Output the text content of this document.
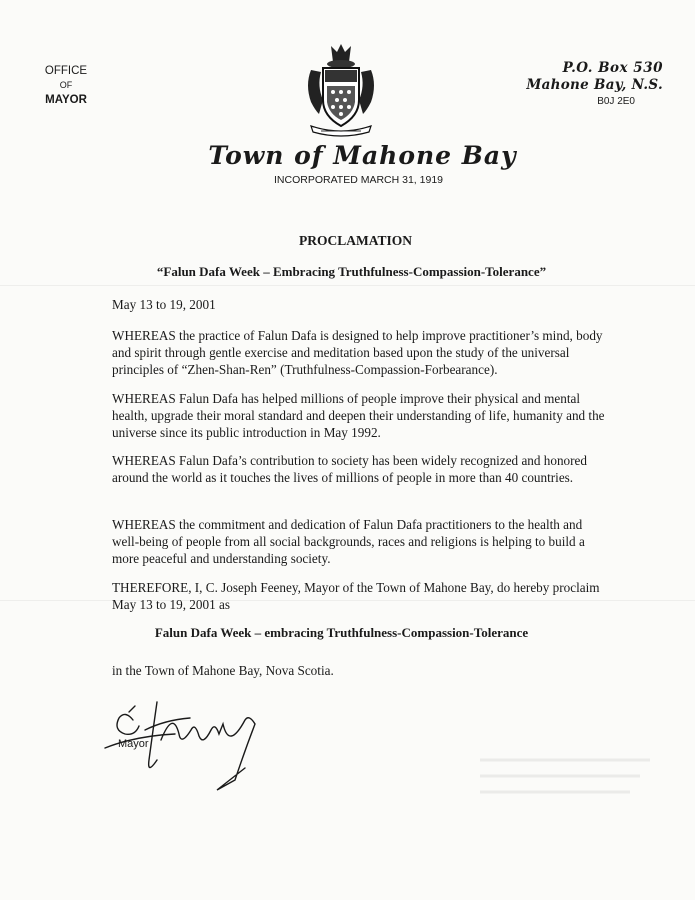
OFFICE
OF
MAYOR
P.O. Box 530
Mahone Bay, N.S.
B0J 2E0
Town of Mahone Bay
INCORPORATED MARCH 31, 1919
PROCLAMATION
“Falun Dafa Week – Embracing Truthfulness-Compassion-Tolerance”
May 13 to 19, 2001
WHEREAS the practice of Falun Dafa is designed to help improve practitioner’s mind, body and spirit through gentle exercise and meditation based upon the study of the universal principles of “Zhen-Shan-Ren” (Truthfulness-Compassion-Forbearance).
WHEREAS Falun Dafa has helped millions of people improve their physical and mental health, upgrade their moral standard and deepen their understanding of life, humanity and the universe since its public introduction in May 1992.
WHEREAS Falun Dafa’s contribution to society has been widely recognized and honored around the world as it touches the lives of millions of people in more than 40 countries.
WHEREAS the commitment and dedication of Falun Dafa practitioners to the health and well-being of people from all social backgrounds, races and religions is helping to build a more peaceful and understanding society.
THEREFORE, I, C. Joseph Feeney, Mayor of the Town of Mahone Bay, do hereby proclaim May 13 to 19, 2001 as
Falun Dafa Week – embracing Truthfulness-Compassion-Tolerance
in the Town of Mahone Bay, Nova Scotia.
Mayor
